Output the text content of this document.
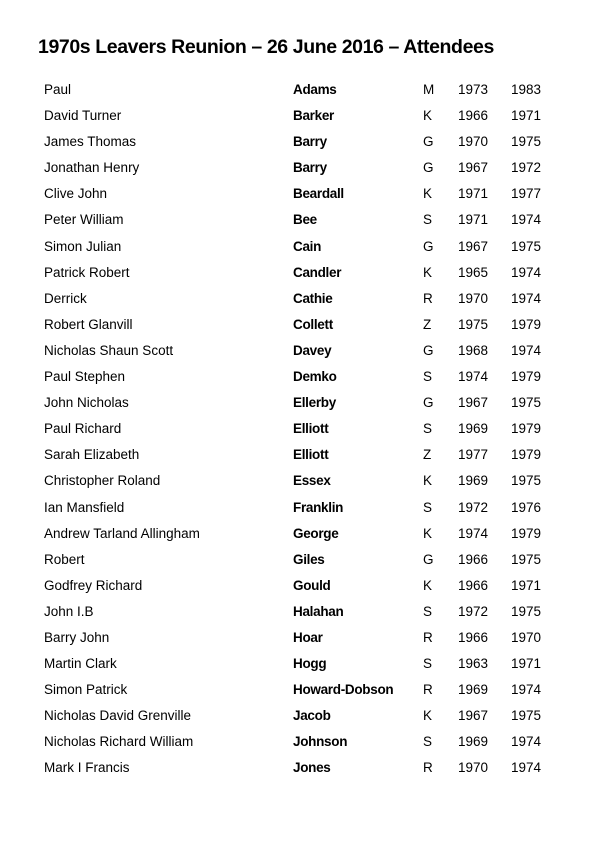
1970s Leavers Reunion – 26 June 2016 – Attendees
Paul	Adams	M 1973 1983
David Turner	Barker	K 1966 1971
James Thomas	Barry	G 1970 1975
Jonathan Henry	Barry	G 1967 1972
Clive John	Beardall	K 1971 1977
Peter William	Bee	S 1971 1974
Simon Julian	Cain	G 1967 1975
Patrick Robert	Candler	K 1965 1974
Derrick	Cathie	R 1970 1974
Robert Glanvill	Collett	Z 1975 1979
Nicholas Shaun Scott	Davey	G 1968 1974
Paul Stephen	Demko	S 1974 1979
John Nicholas	Ellerby	G 1967 1975
Paul Richard	Elliott	S 1969 1979
Sarah Elizabeth	Elliott	Z 1977 1979
Christopher Roland	Essex	K 1969 1975
Ian Mansfield	Franklin	S 1972 1976
Andrew Tarland Allingham	George	K 1974 1979
Robert	Giles	G 1966 1975
Godfrey Richard	Gould	K 1966 1971
John I.B	Halahan	S 1972 1975
Barry John	Hoar	R 1966 1970
Martin Clark	Hogg	S 1963 1971
Simon Patrick	Howard-Dobson R 1969 1974
Nicholas David Grenville	Jacob	K 1967 1975
Nicholas Richard William	Johnson	S 1969 1974
Mark I Francis	Jones	R 1970 1974
